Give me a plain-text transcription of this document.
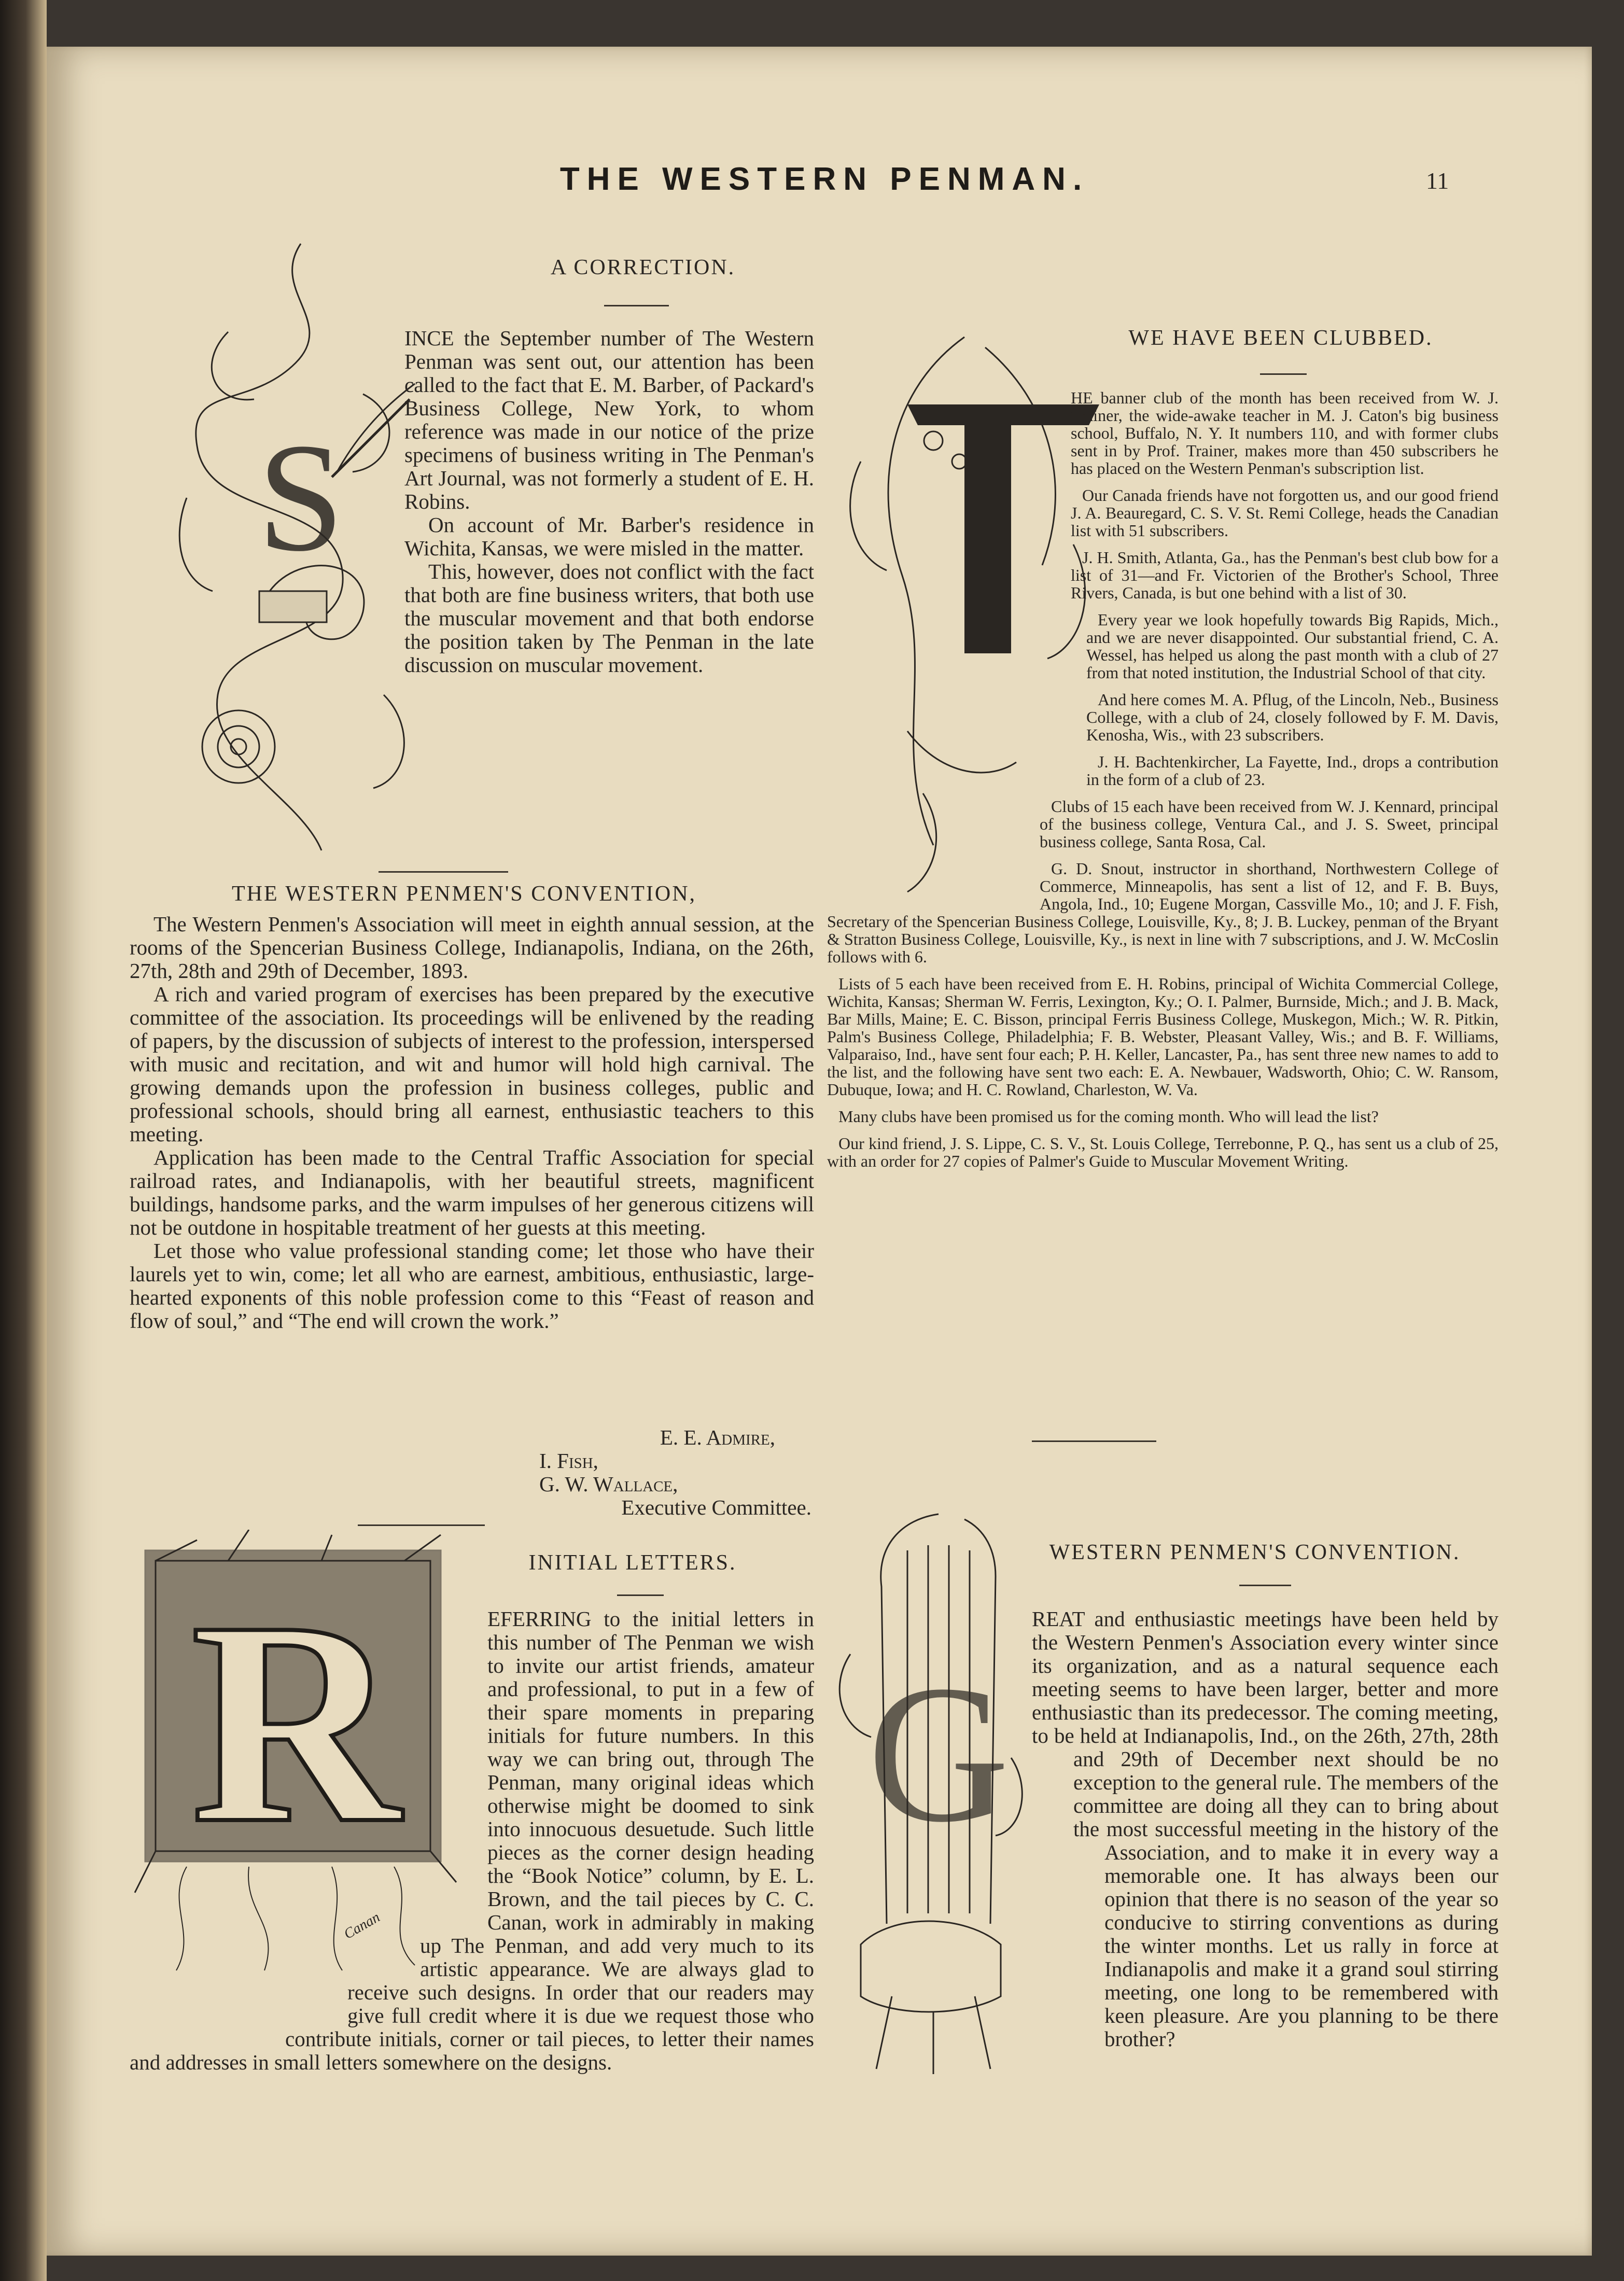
THE WESTERN PENMAN.	11
S
A CORRECTION.

INCE the September number of The Western Penman was sent out, our attention has been called to the fact that E. M. Barber, of Packard's Business College, New York, to whom reference was made in our notice of the prize specimens of business writing in The Penman's Art Journal, was not formerly a student of E. H. Robins.

On account of Mr. Barber's residence in Wichita, Kansas, we were misled in the matter.

This, however, does not conflict with the fact that both are fine business writers, that both use the muscular movement and that both endorse the position taken by The Penman in the late discussion on muscular movement.

THE WESTERN PENMEN'S CONVENTION,

The Western Penmen's Association will meet in eighth annual session, at the rooms of the Spencerian Business College, Indianapolis, Indiana, on the 26th, 27th, 28th and 29th of December, 1893.

A rich and varied program of exercises has been prepared by the executive committee of the association. Its proceedings will be enlivened by the reading of papers, by the discussion of subjects of interest to the profession, interspersed with music and recitation, and wit and humor will hold high carnival. The growing demands upon the profession in business colleges, public and professional schools, should bring all earnest, enthusiastic teachers to this meeting.

Application has been made to the Central Traffic Association for special railroad rates, and Indianapolis, with her beautiful streets, magnificent buildings, handsome parks, and the warm impulses of her generous citizens will not be outdone in hospitable treatment of her guests at this meeting.

Let those who value professional standing come; let those who have their laurels yet to win, come; let all who are earnest, ambitious, enthusiastic, large-hearted exponents of this noble profession come to this “Feast of reason and flow of soul,” and “The end will crown the work.”

E. E. Admire,
I. Fish,
G. W. Wallace,
Executive Committee.
R
Canan
INITIAL LETTERS.

EFERRING to the initial letters in this number of The Penman we wish to invite our artist friends, amateur and professional, to put in a few of their spare moments in preparing initials for future numbers. In this way we can bring out, through The Penman, many original ideas which otherwise might be doomed to sink into innocuous desuetude. Such little pieces as the corner design heading the “Book Notice” column, by E. L. Brown, and the tail pieces by C. C. Canan, work in admirably in making up The Penman, and add very much to its artistic appearance. We are always glad to receive such designs. In order that our readers may give full credit where it is due we request those who contribute initials, corner or tail pieces, to letter their names and addresses in small letters somewhere on the designs.

WE HAVE BEEN CLUBBED.

HE banner club of the month has been received from W. J. Trainer, the wide-awake teacher in M. J. Caton's big business school, Buffalo, N. Y. It numbers 110, and with former clubs sent in by Prof. Trainer, makes more than 450 subscribers he has placed on the Western Penman's subscription list.

Our Canada friends have not forgotten us, and our good friend J. A. Beauregard, C. S. V. St. Remi College, heads the Canadian list with 51 subscribers.

J. H. Smith, Atlanta, Ga., has the Penman's best club bow for a list of 31—and Fr. Victorien of the Brother's School, Three Rivers, Canada, is but one behind with a list of 30.

Every year we look hopefully towards Big Rapids, Mich., and we are never disappointed. Our substantial friend, C. A. Wessel, has helped us along the past month with a club of 27 from that noted institution, the Industrial School of that city.

And here comes M. A. Pflug, of the Lincoln, Neb., Business College, with a club of 24, closely followed by F. M. Davis, Kenosha, Wis., with 23 subscribers.

J. H. Bachtenkircher, La Fayette, Ind., drops a contribution in the form of a club of 23.

Clubs of 15 each have been received from W. J. Kennard, principal of the business college, Ventura Cal., and J. S. Sweet, principal business college, Santa Rosa, Cal.

G. D. Snout, instructor in shorthand, Northwestern College of Commerce, Minneapolis, has sent a list of 12, and F. B. Buys, Angola, Ind., 10; Eugene Morgan, Cassville Mo., 10; and J. F. Fish, Secretary of the Spencerian Business College, Louisville, Ky., 8; J. B. Luckey, penman of the Bryant & Stratton Business College, Louisville, Ky., is next in line with 7 subscriptions, and J. W. McCoslin follows with 6.

Lists of 5 each have been received from E. H. Robins, principal of Wichita Commercial College, Wichita, Kansas; Sherman W. Ferris, Lexington, Ky.; O. I. Palmer, Burnside, Mich.; and J. B. Mack, Bar Mills, Maine; E. C. Bisson, principal Ferris Business College, Muskegon, Mich.; W. R. Pitkin, Palm's Business College, Philadelphia; F. B. Webster, Pleasant Valley, Wis.; and B. F. Williams, Valparaiso, Ind., have sent four each; P. H. Keller, Lancaster, Pa., has sent three new names to add to the list, and the following have sent two each: E. A. Newbauer, Wadsworth, Ohio; C. W. Ransom, Dubuque, Iowa; and H. C. Rowland, Charleston, W. Va.

Many clubs have been promised us for the coming month. Who will lead the list?

Our kind friend, J. S. Lippe, C. S. V., St. Louis College, Terrebonne, P. Q., has sent us a club of 25, with an order for 27 copies of Palmer's Guide to Muscular Movement Writing.

G
WESTERN PENMEN'S CONVENTION.

REAT and enthusiastic meetings have been held by the Western Penmen's Association every winter since its organization, and as a natural sequence each meeting seems to have been larger, better and more enthusiastic than its predecessor. The coming meeting, to be held at Indianapolis, Ind., on the 26th, 27th, 28th and 29th of December next should be no exception to the general rule. The members of the committee are doing all they can to bring about the most successful meeting in the history of the Association, and to make it in every way a memorable one. It has always been our opinion that there is no season of the year so conducive to stirring conventions as during the winter months. Let us rally in force at Indianapolis and make it a grand soul stirring meeting, one long to be remembered with keen pleasure. Are you planning to be there brother?
